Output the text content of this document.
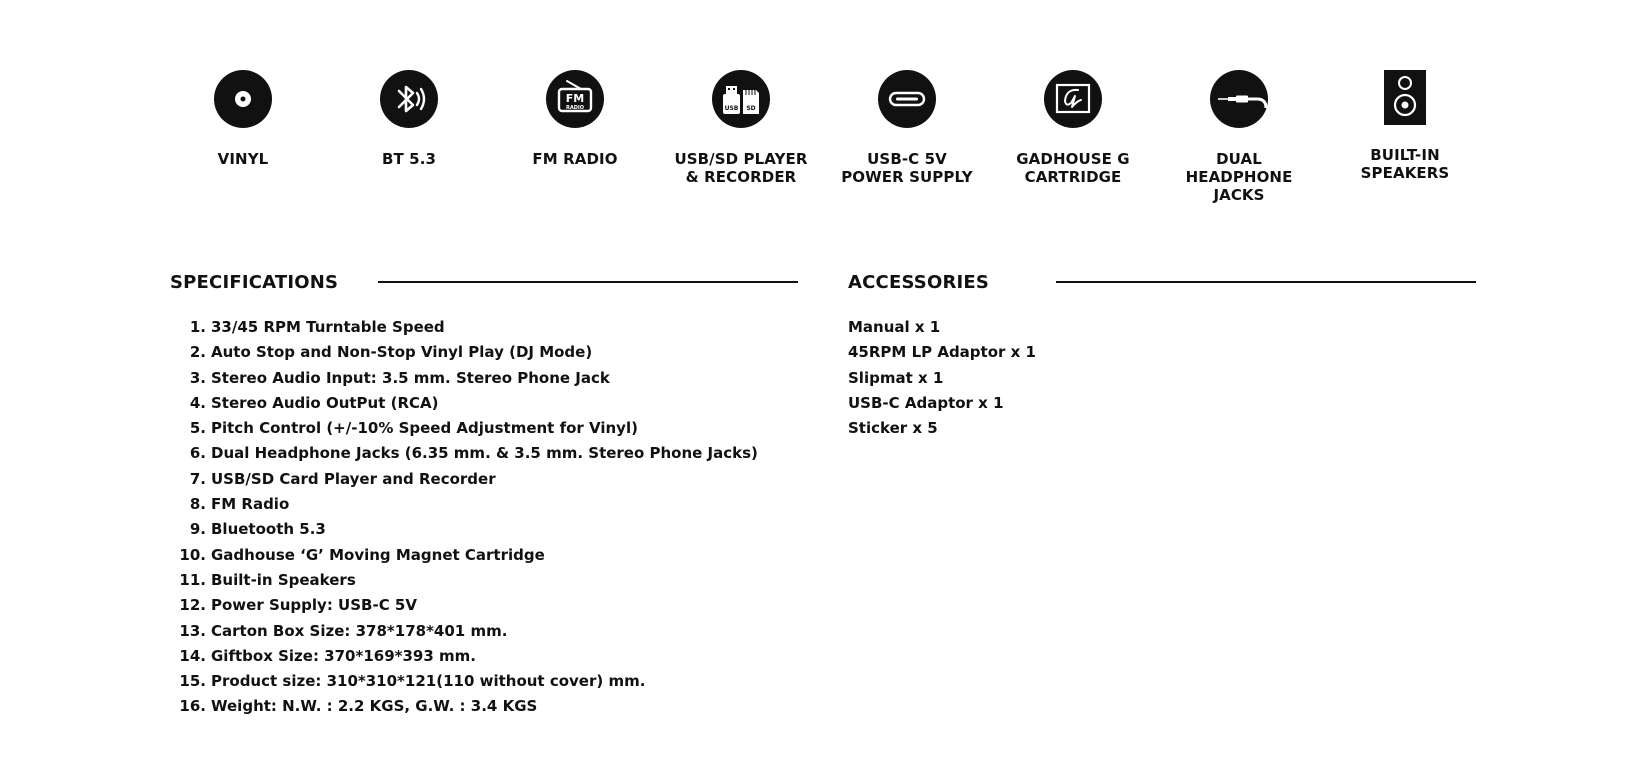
VINYL	BT 5.3
FM
RADIO
FM RADIO
USB SD
USB/SD PLAYER
& RECORDER
USB-C 5V
POWER SUPPLY
GADHOUSE G
CARTRIDGE
DUAL HEADPHONE
JACKS
BUILT-IN
SPEAKERS
SPECIFICATIONS
1. 33/45 RPM Turntable Speed
2. Auto Stop and Non-Stop Vinyl Play (DJ Mode)
3. Stereo Audio Input: 3.5 mm. Stereo Phone Jack
4. Stereo Audio OutPut (RCA)
5. Pitch Control (+/-10% Speed Adjustment for Vinyl)
6. Dual Headphone Jacks (6.35 mm. & 3.5 mm. Stereo Phone Jacks)
7. USB/SD Card Player and Recorder
8. FM Radio
9. Bluetooth 5.3
10. Gadhouse ‘G’ Moving Magnet Cartridge
11. Built-in Speakers
12. Power Supply: USB-C 5V
13. Carton Box Size: 378*178*401 mm.
14. Giftbox Size: 370*169*393 mm.
15. Product size: 310*310*121(110 without cover) mm.
16. Weight: N.W. : 2.2 KGS, G.W. : 3.4 KGS
ACCESSORIES
Manual x 1
45RPM LP Adaptor x 1
Slipmat x 1
USB-C Adaptor x 1
Sticker x 5
